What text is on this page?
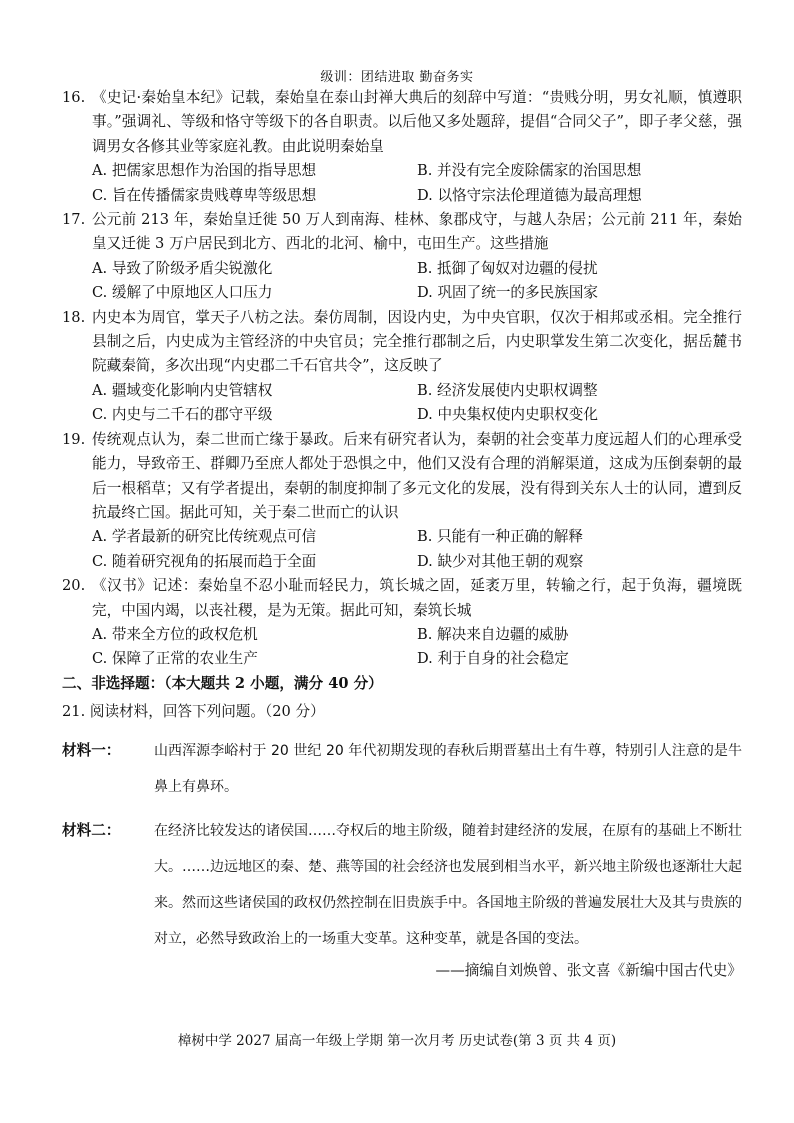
级训：团结进取 勤奋务实
16. 《史记·秦始皇本纪》记载，秦始皇在泰山封禅大典后的刻辞中写道：“贵贱分明，男女礼顺，慎遵职事。”强调礼、等级和恪守等级下的各自职责。以后他又多处题辞，提倡“合同父子”，即子孝父慈，强调男女各修其业等家庭礼教。由此说明秦始皇
A. 把儒家思想作为治国的指导思想	B. 并没有完全废除儒家的治国思想
C. 旨在传播儒家贵贱尊卑等级思想	D. 以恪守宗法伦理道德为最高理想
17. 公元前 213 年，秦始皇迁徙 50 万人到南海、桂林、象郡戍守，与越人杂居；公元前 211 年，秦始皇又迁徙 3 万户居民到北方、西北的北河、榆中，屯田生产。这些措施
A. 导致了阶级矛盾尖锐激化	B. 抵御了匈奴对边疆的侵扰
C. 缓解了中原地区人口压力	D. 巩固了统一的多民族国家
18. 内史本为周官，掌天子八枋之法。秦仿周制，因设内史，为中央官职，仅次于相邦或丞相。完全推行县制之后，内史成为主管经济的中央官员；完全推行郡制之后，内史职掌发生第二次变化，据岳麓书院藏秦简，多次出现“内史郡二千石官共令”，这反映了
A. 疆域变化影响内史管辖权	B. 经济发展使内史职权调整
C. 内史与二千石的郡守平级	D. 中央集权使内史职权变化
19. 传统观点认为，秦二世而亡缘于暴政。后来有研究者认为，秦朝的社会变革力度远超人们的心理承受能力，导致帝王、群卿乃至庶人都处于恐惧之中，他们又没有合理的消解渠道，这成为压倒秦朝的最后一根稻草；又有学者提出，秦朝的制度抑制了多元文化的发展，没有得到关东人士的认同，遭到反抗最终亡国。据此可知，关于秦二世而亡的认识
A. 学者最新的研究比传统观点可信	B. 只能有一种正确的解释
C. 随着研究视角的拓展而趋于全面	D. 缺少对其他王朝的观察
20. 《汉书》记述：秦始皇不忍小耻而轻民力，筑长城之固，延袤万里，转输之行，起于负海，疆境既完，中国内竭，以丧社稷，是为无策。据此可知，秦筑长城
A. 带来全方位的政权危机	B. 解决来自边疆的威胁
C. 保障了正常的农业生产	D. 利于自身的社会稳定
二、非选择题：（本大题共 2 小题，满分 40 分）
21. 阅读材料，回答下列问题。（20 分）
材料一： 山西浑源李峪村于 20 世纪 20 年代初期发现的春秋后期晋墓出土有牛尊，特别引人注意的是牛鼻上有鼻环。
材料二： 在经济比较发达的诸侯国……夺权后的地主阶级，随着封建经济的发展，在原有的基础上不断壮大。……边远地区的秦、楚、燕等国的社会经济也发展到相当水平，新兴地主阶级也逐渐壮大起来。然而这些诸侯国的政权仍然控制在旧贵族手中。各国地主阶级的普遍发展壮大及其与贵族的对立，必然导致政治上的一场重大变革。这种变革，就是各国的变法。
——摘编自刘焕曾、张文喜《新编中国古代史》
樟树中学 2027 届高一年级上学期 第一次月考 历史试卷(第 3 页 共 4 页)
